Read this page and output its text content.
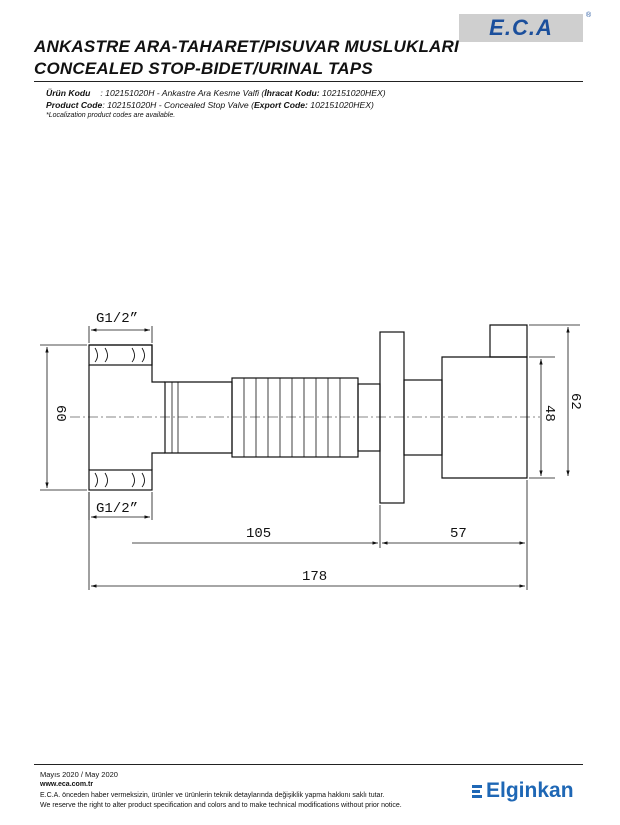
E.C.A	®
ANKASTRE ARA-TAHARET/PISUVAR MUSLUKLARI
CONCEALED STOP-BIDET/URINAL TAPS
Ürün Kodu : 102151020H - Ankastre Ara Kesme Valfi (İhracat Kodu: 102151020HEX)
Product Code: 102151020H - Concealed Stop Valve (Export Code: 102151020HEX)
*Localization product codes are available.
G1/2”
G1/2”
60	48
62
105	57
178
Mayıs 2020 / May 2020
www.eca.com.tr
E.C.A. önceden haber vermeksizin, ürünler ve ürünlerin teknik detaylarında değişiklik yapma hakkını saklı tutar.
We reserve the right to alter product specification and colors and to make technical modifications without prior notice.
Elginkan
